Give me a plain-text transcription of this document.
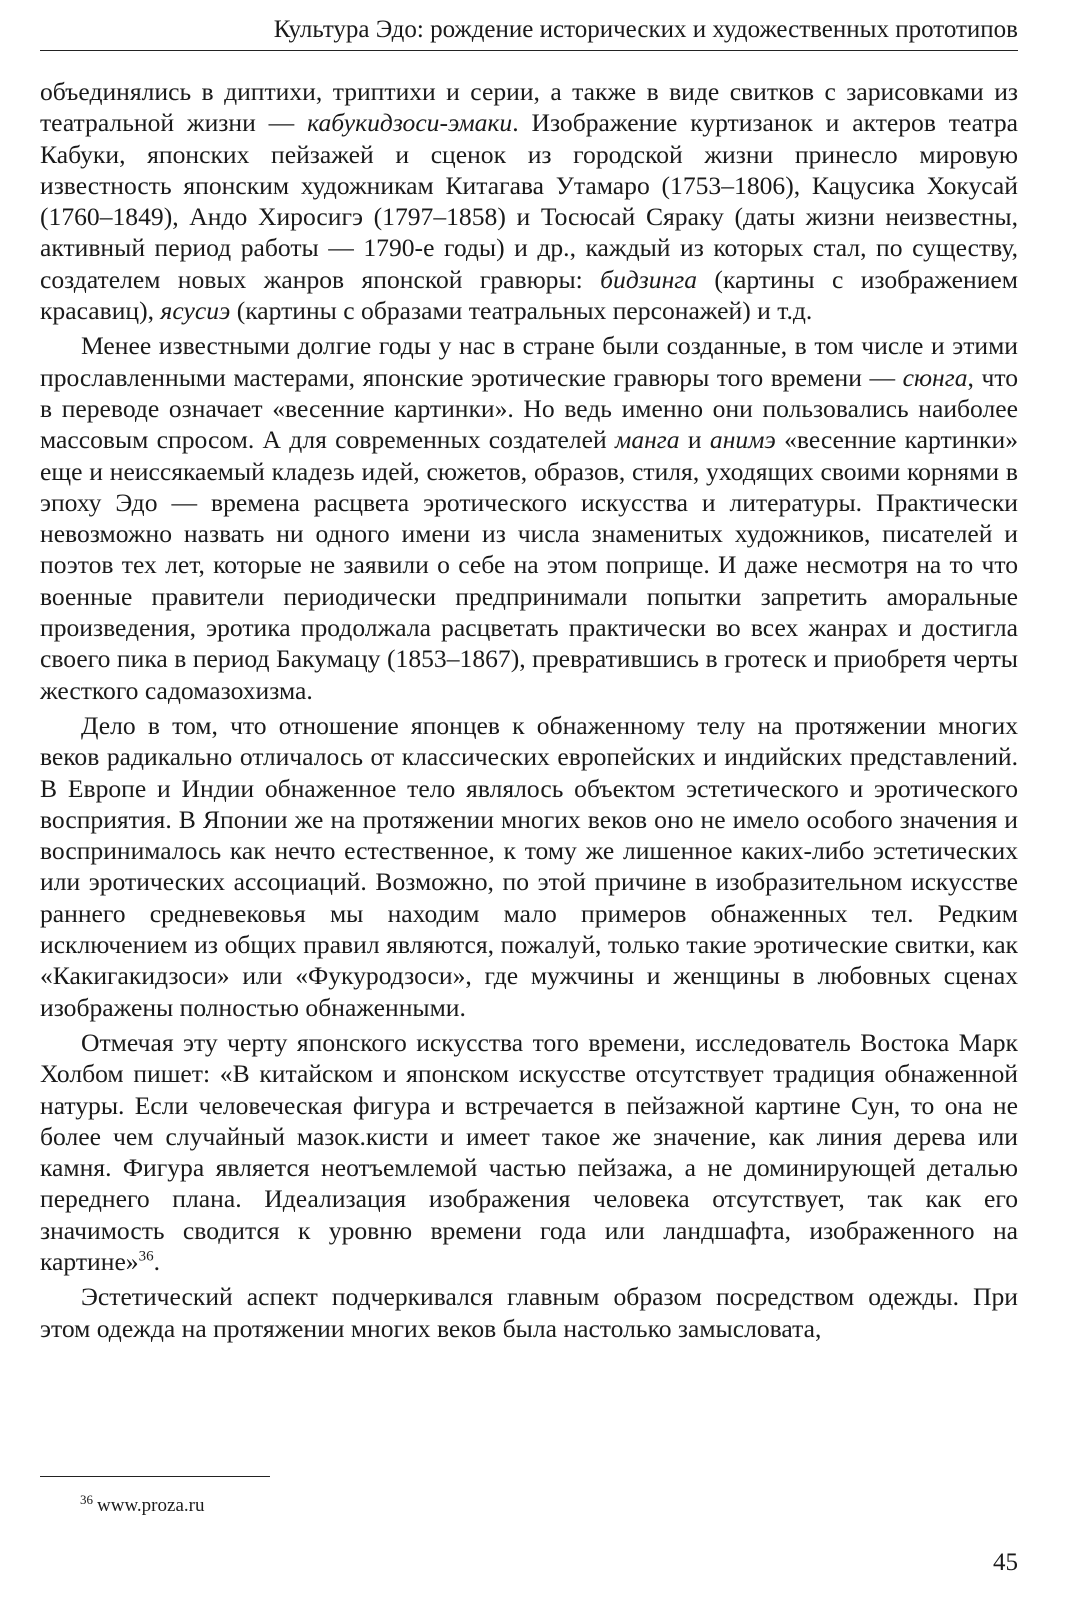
Культура Эдо: рождение исторических и художественных прототипов

объединялись в диптихи, триптихи и серии, а также в виде свитков с зарисовками из театральной жизни — кабукидзоси-эмаки. Изображение куртизанок и актеров театра Кабуки, японских пейзажей и сценок из городской жизни принесло мировую известность японским художникам Китагава Утамаро (1753–1806), Кацусика Хокусай (1760–1849), Андо Хиросигэ (1797–1858) и Тосюсай Сяраку (даты жизни неизвестны, активный период работы — 1790-е годы) и др., каждый из которых стал, по существу, создателем новых жанров японской гравюры: бидзинга (картины с изображением красавиц), ясусиэ (картины с образами театральных персонажей) и т.д.

Менее известными долгие годы у нас в стране были созданные, в том числе и этими прославленными мастерами, японские эротические гравюры того времени — сюнга, что в переводе означает «весенние картинки». Но ведь именно они пользовались наиболее массовым спросом. А для современных создателей манга и анимэ «весенние картинки» еще и неиссякаемый кладезь идей, сюжетов, образов, стиля, уходящих своими корнями в эпоху Эдо — времена расцвета эротического искусства и литературы. Практически невозможно назвать ни одного имени из числа знаменитых художников, писателей и поэтов тех лет, которые не заявили о себе на этом поприще. И даже несмотря на то что военные правители периодически предпринимали попытки запретить аморальные произведения, эротика продолжала расцветать практически во всех жанрах и достигла своего пика в период Бакумацу (1853–1867), превратившись в гротеск и приобретя черты жесткого садомазохизма.

Дело в том, что отношение японцев к обнаженному телу на протяжении многих веков радикально отличалось от классических европейских и индийских представлений. В Европе и Индии обнаженное тело являлось объектом эстетического и эротического восприятия. В Японии же на протяжении многих веков оно не имело особого значения и воспринималось как нечто естественное, к тому же лишенное каких-либо эстетических или эротических ассоциаций. Возможно, по этой причине в изобразительном искусстве раннего средневековья мы находим мало примеров обнаженных тел. Редким исключением из общих правил являются, пожалуй, только такие эротические свитки, как «Какигакидзоси» или «Фукуродзоси», где мужчины и женщины в любовных сценах изображены полностью обнаженными.

Отмечая эту черту японского искусства того времени, исследователь Востока Марк Холбом пишет: «В китайском и японском искусстве отсутствует традиция обнаженной натуры. Если человеческая фигура и встречается в пейзажной картине Сун, то она не более чем случайный мазок.кисти и имеет такое же значение, как линия дерева или камня. Фигура является неотъемлемой частью пейзажа, а не доминирующей деталью переднего плана. Идеализация изображения человека отсутствует, так как его значимость сводится к уровню времени года или ландшафта, изображенного на картине»$^{36}$.

Эстетический аспект подчеркивался главным образом посредством одежды. При этом одежда на протяжении многих веков была настолько замысловата,

$^{36}$ www.proza.ru
45
